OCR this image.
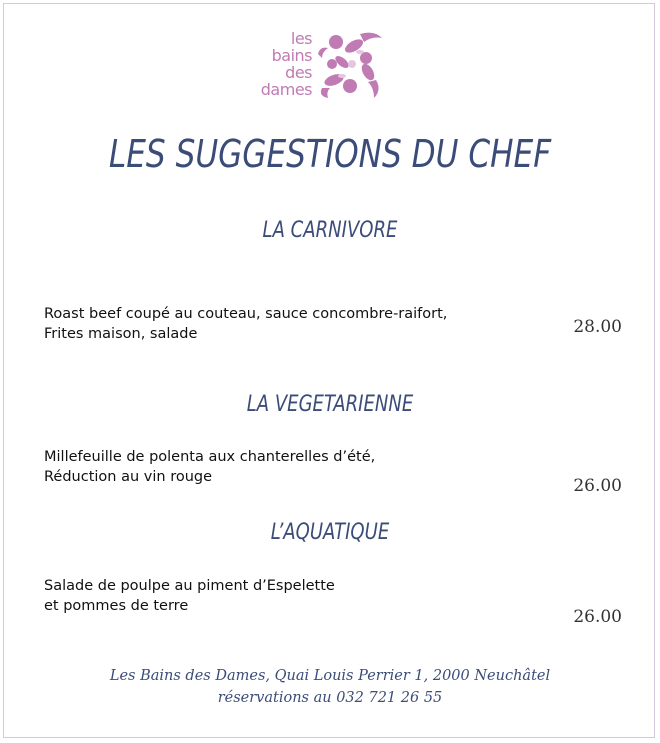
les
bains
des
dames
LES SUGGESTIONS DU CHEF
LA CARNIVORE
Roast beef coupé au couteau, sauce concombre-raifort,
Frites maison, salade	28.00
LA VEGETARIENNE
Millefeuille de polenta aux chanterelles d’été,
Réduction au vin rouge	26.00
L’AQUATIQUE
Salade de poulpe au piment d’Espelette
et pommes de terre
26.00
Les Bains des Dames, Quai Louis Perrier 1, 2000 Neuchâtel
réservations au 032 721 26 55
